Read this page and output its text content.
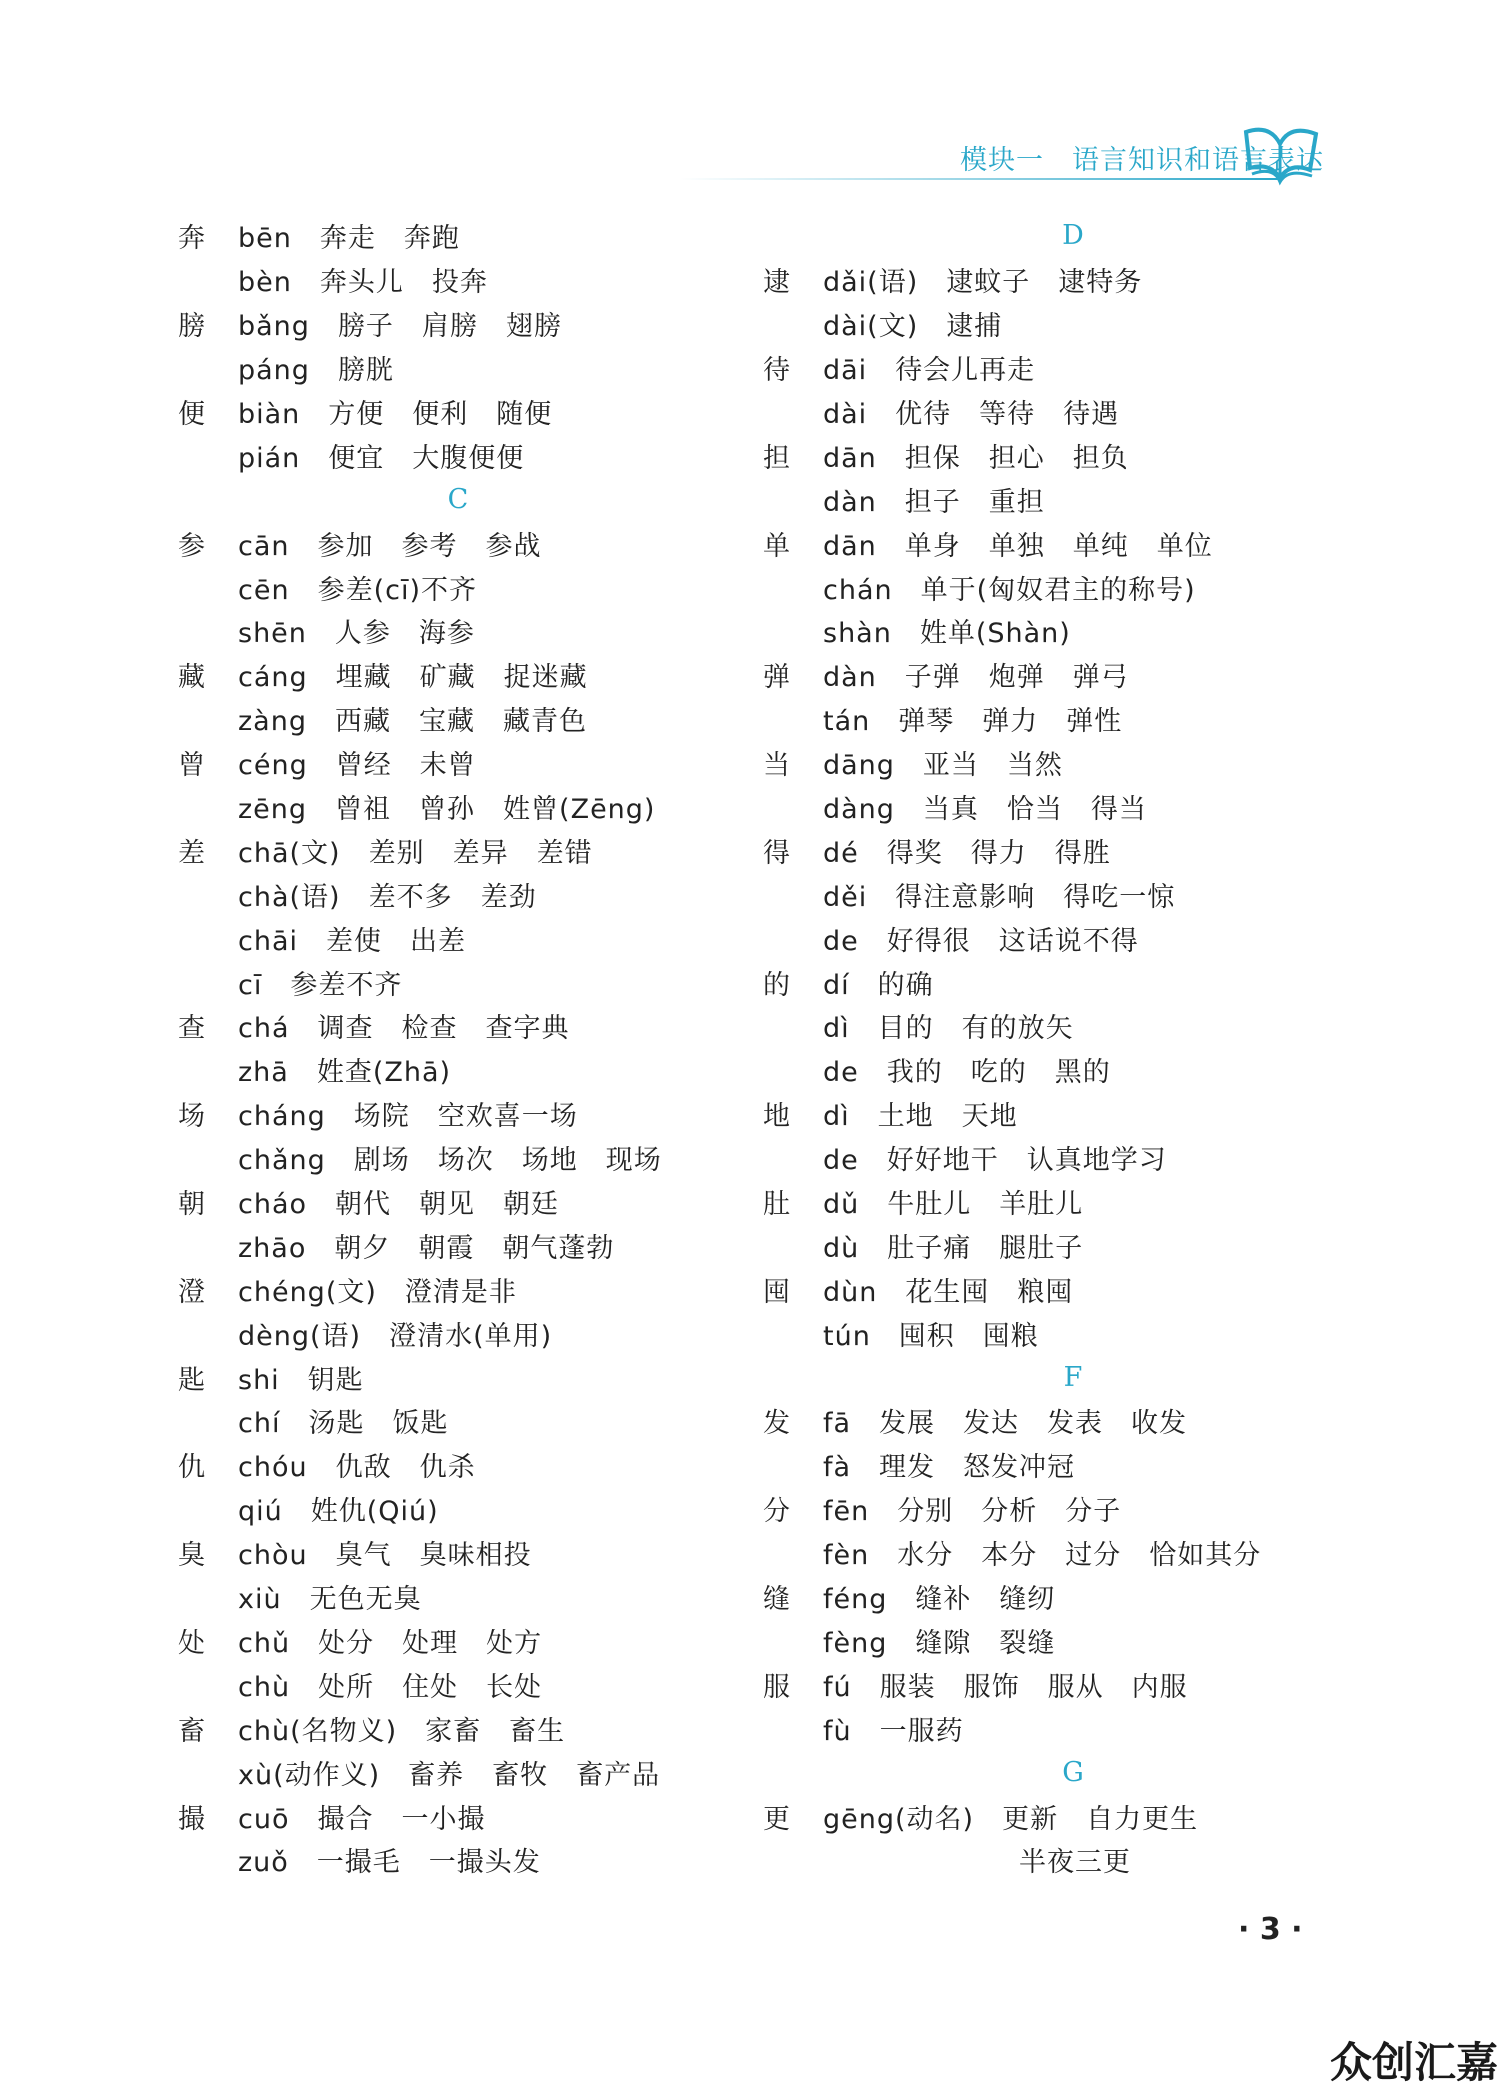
模块一　 语言知识和语言表达
奔	bēn　奔走　奔跑
bèn　奔头儿　投奔
膀	bǎng　膀子　肩膀　翅膀
páng　膀胱
便	biàn　方便　便利　随便
pián　便宜　大腹便便
C
参	cān　参加　参考　参战
cēn　参差(cī)不齐
shēn　人参　海参
藏	cáng　埋藏　矿藏　捉迷藏
zàng　西藏　宝藏　藏青色
曾	céng　曾经　未曾
zēng　曾祖　曾孙　姓曾(Zēng)
差	chā(文)　差别　差异　差错
chà(语)　差不多　差劲
chāi　差使　出差
cī　参差不齐
查	chá　调查　检查　查字典
zhā　姓查(Zhā)
场	cháng　场院　空欢喜一场
chǎng　剧场　场次　场地　现场
朝	cháo　朝代　朝见　朝廷
zhāo　朝夕　朝霞　朝气蓬勃
澄	chéng(文)　澄清是非
dèng(语)　澄清水(单用)
匙	shi　钥匙
chí　汤匙　饭匙
仇	chóu　仇敌　仇杀
qiú　姓仇(Qiú)
臭	chòu　臭气　臭味相投
xiù　无色无臭
处	chǔ　处分　处理　处方
chù　处所　住处　长处
畜	chù(名物义)　家畜　畜生
xù(动作义)　畜养　畜牧　畜产品
撮	cuō　撮合　一小撮
zuǒ　一撮毛　一撮头发
D
逮	dǎi(语)　逮蚊子　逮特务
dài(文)　逮捕
待	dāi　待会儿再走
dài　优待　等待　待遇
担	dān　担保　担心　担负
dàn　担子　重担
单	dān　单身　单独　单纯　单位
chán　单于(匈奴君主的称号)
shàn　姓单(Shàn)
弹	dàn　子弹　炮弹　弹弓
tán　弹琴　弹力　弹性
当	dāng　亚当　当然
dàng　当真　恰当　得当
得	dé　得奖　得力　得胜
děi　得注意影响　得吃一惊
de　好得很　这话说不得
的	dí　的确
dì　目的　有的放矢
de　我的　吃的　黑的
地	dì　土地　天地
de　好好地干　认真地学习
肚	dǔ　牛肚儿　羊肚儿
dù　肚子痛　腿肚子
囤	dùn　花生囤　粮囤
tún　囤积　囤粮
F
发	fā　发展　发达　发表　收发
fà　理发　怒发冲冠
分	fēn　分别　分析　分子
fèn　水分　本分　过分　恰如其分
缝	féng　缝补　缝纫
fèng　缝隙　裂缝
服	fú　服装　服饰　服从　内服
fù　一服药
G
更	gēng(动名)　更新　自力更生
　　　　　　　半夜三更
· 3 ·
众创汇嘉
